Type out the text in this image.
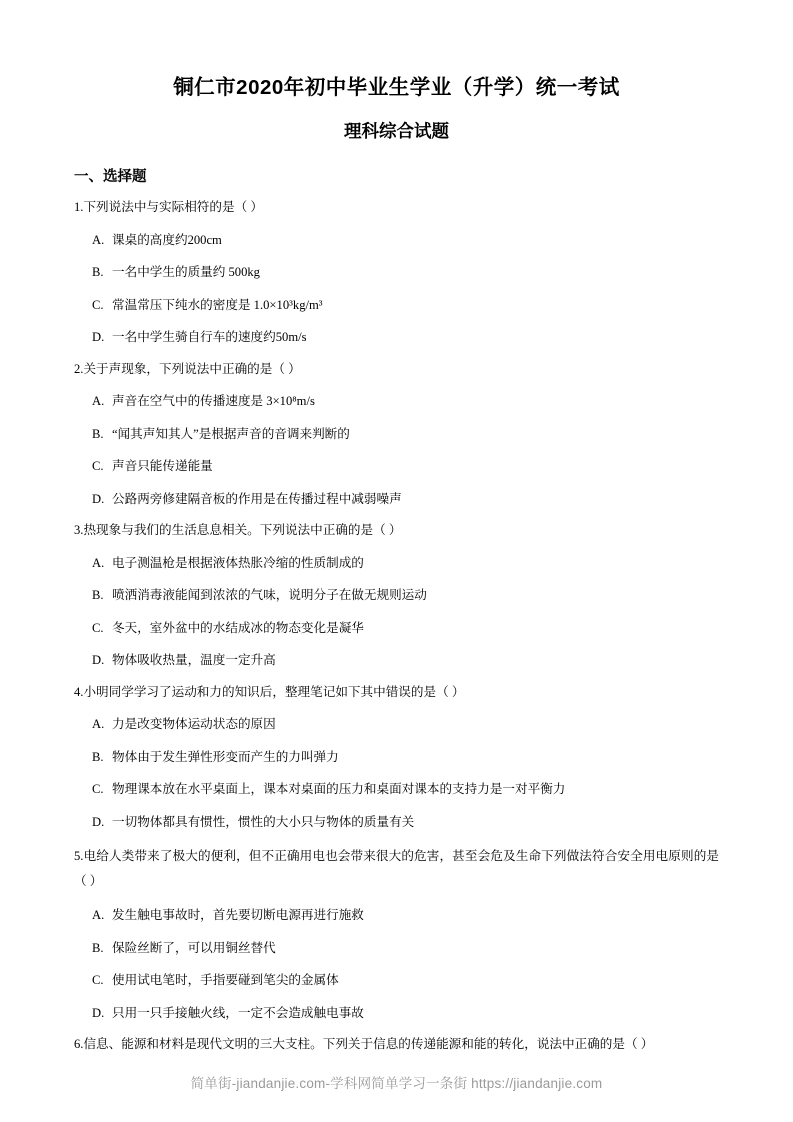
铜仁市2020年初中毕业生学业（升学）统一考试
理科综合试题
一、选择题

1.下列说法中与实际相符的是（ ）

A. 课桌的高度约200cm

B. 一名中学生的质量约 500kg

C. 常温常压下纯水的密度是 1.0×10³kg/m³

D. 一名中学生骑自行车的速度约50m/s

2.关于声现象，下列说法中正确的是（ ）

A. 声音在空气中的传播速度是 3×10⁸m/s

B. “闻其声知其人”是根据声音的音调来判断的

C. 声音只能传递能量

D. 公路两旁修建隔音板的作用是在传播过程中减弱噪声

3.热现象与我们的生活息息相关。下列说法中正确的是（ ）

A. 电子测温枪是根据液体热胀冷缩的性质制成的

B. 喷洒消毒液能闻到浓浓的气味，说明分子在做无规则运动

C. 冬天，室外盆中的水结成冰的物态变化是凝华

D. 物体吸收热量，温度一定升高

4.小明同学学习了运动和力的知识后，整理笔记如下其中错误的是（ ）

A. 力是改变物体运动状态的原因

B. 物体由于发生弹性形变而产生的力叫弹力

C. 物理课本放在水平桌面上，课本对桌面的压力和桌面对课本的支持力是一对平衡力

D. 一切物体都具有惯性，惯性的大小只与物体的质量有关

5.电给人类带来了极大的便利，但不正确用电也会带来很大的危害，甚至会危及生命下列做法符合安全用电原则的是（ ）

A. 发生触电事故时，首先要切断电源再进行施救

B. 保险丝断了，可以用铜丝替代

C. 使用试电笔时，手指要碰到笔尖的金属体

D. 只用一只手接触火线，一定不会造成触电事故

6.信息、能源和材料是现代文明的三大支柱。下列关于信息的传递能源和能的转化，说法中正确的是（ ）

简单街-jiandanjie.com-学科网简单学习一条街 https://jiandanjie.com
